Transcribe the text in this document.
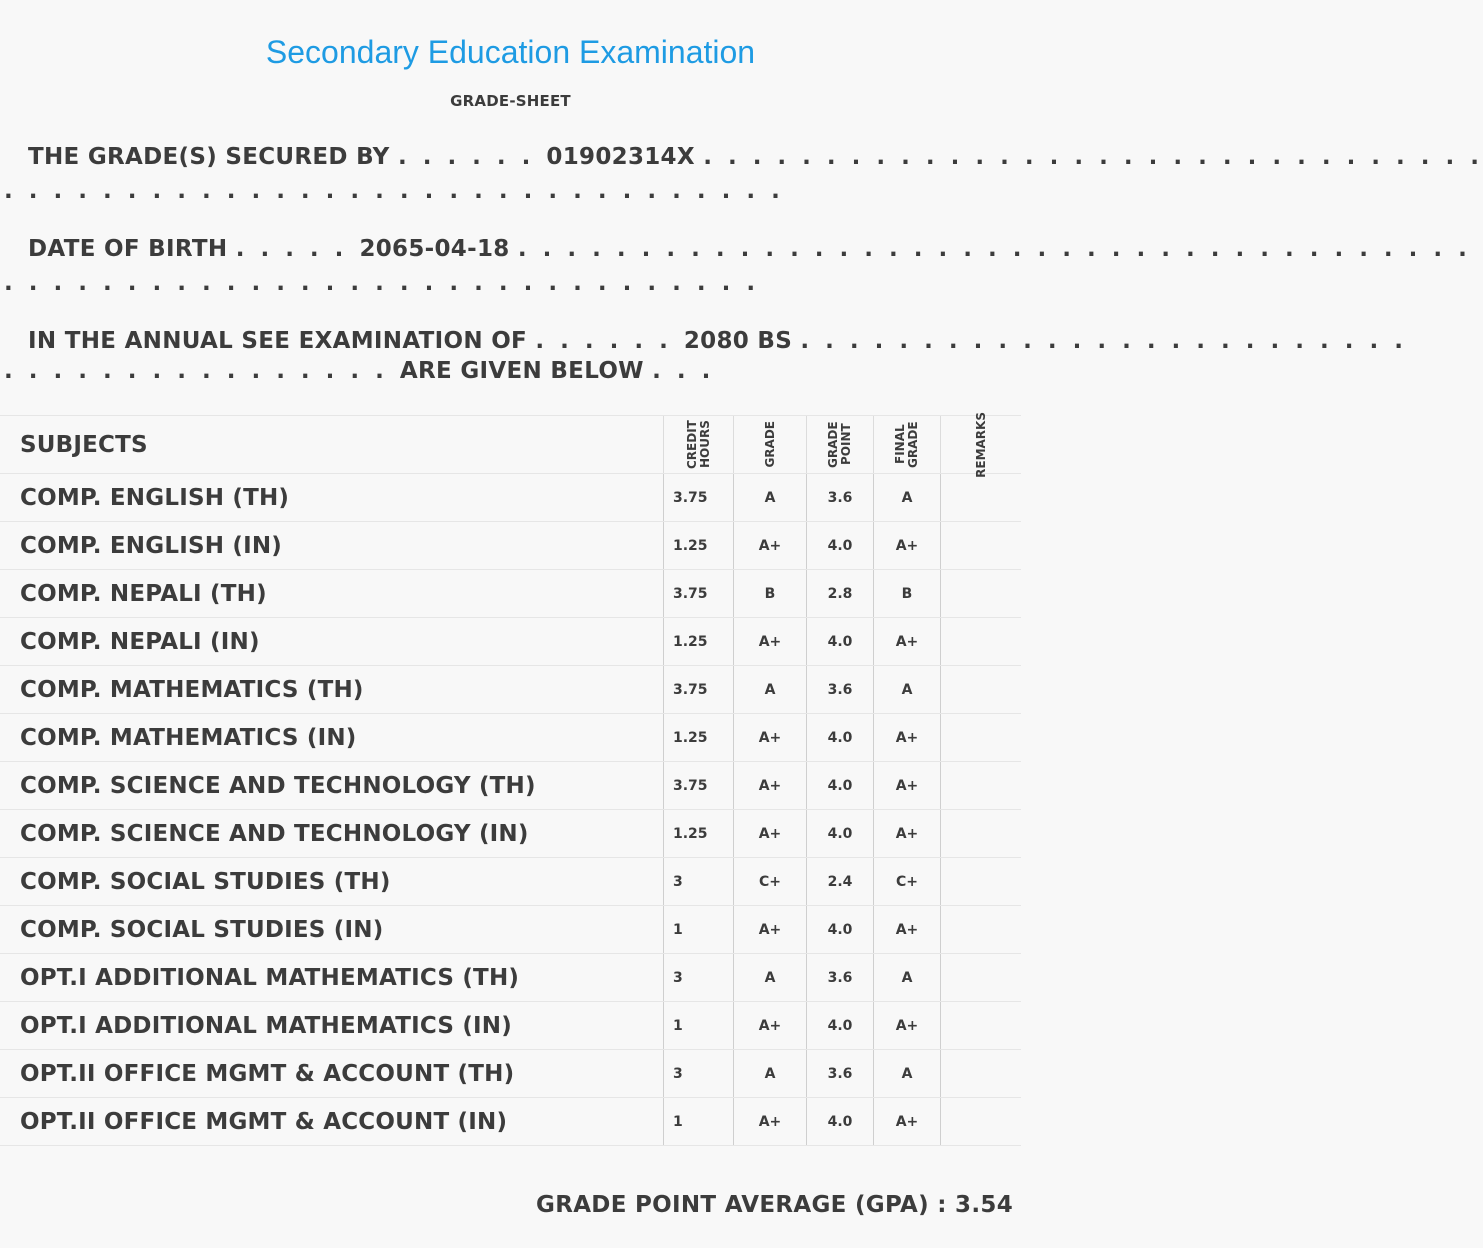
Secondary Education Examination
GRADE-SHEET
THE GRADE(S) SECURED BY . . . . . . 01902314X . . . . . . . . . . . . . . . . . . . . . . . . . . . . . . . .
. . . . . . . . . . . . . . . . . . . . . . . . . . . . . . . .
DATE OF BIRTH . . . . . 2065-04-18 . . . . . . . . . . . . . . . . . . . . . . . . . . . . . . . . . . . . . . .
. . . . . . . . . . . . . . . . . . . . . . . . . . . . . . .
IN THE ANNUAL SEE EXAMINATION OF . . . . . . 2080 BS . . . . . . . . . . . . . . . . . . . . . . . . .
. . . . . . . . . . . . . . . . ARE GIVEN BELOW . . .
SUBJECTS	CREDIT HOURS	GRADE	GRADE POINT	FINAL GRADE	REMARKS
COMP. ENGLISH (TH)	3.75	A	3.6	A
COMP. ENGLISH (IN)	1.25	A+	4.0	A+
COMP. NEPALI (TH)	3.75	B	2.8	B
COMP. NEPALI (IN)	1.25	A+	4.0	A+
COMP. MATHEMATICS (TH)	3.75	A	3.6	A
COMP. MATHEMATICS (IN)	1.25	A+	4.0	A+
COMP. SCIENCE AND TECHNOLOGY (TH)	3.75	A+	4.0	A+
COMP. SCIENCE AND TECHNOLOGY (IN)	1.25	A+	4.0	A+
COMP. SOCIAL STUDIES (TH)	3	C+	2.4	C+
COMP. SOCIAL STUDIES (IN)	1	A+	4.0	A+
OPT.I ADDITIONAL MATHEMATICS (TH)	3	A	3.6	A
OPT.I ADDITIONAL MATHEMATICS (IN)	1	A+	4.0	A+
OPT.II OFFICE MGMT & ACCOUNT (TH)	3	A	3.6	A
OPT.II OFFICE MGMT & ACCOUNT (IN)	1	A+	4.0	A+
GRADE POINT AVERAGE (GPA) : 3.54
